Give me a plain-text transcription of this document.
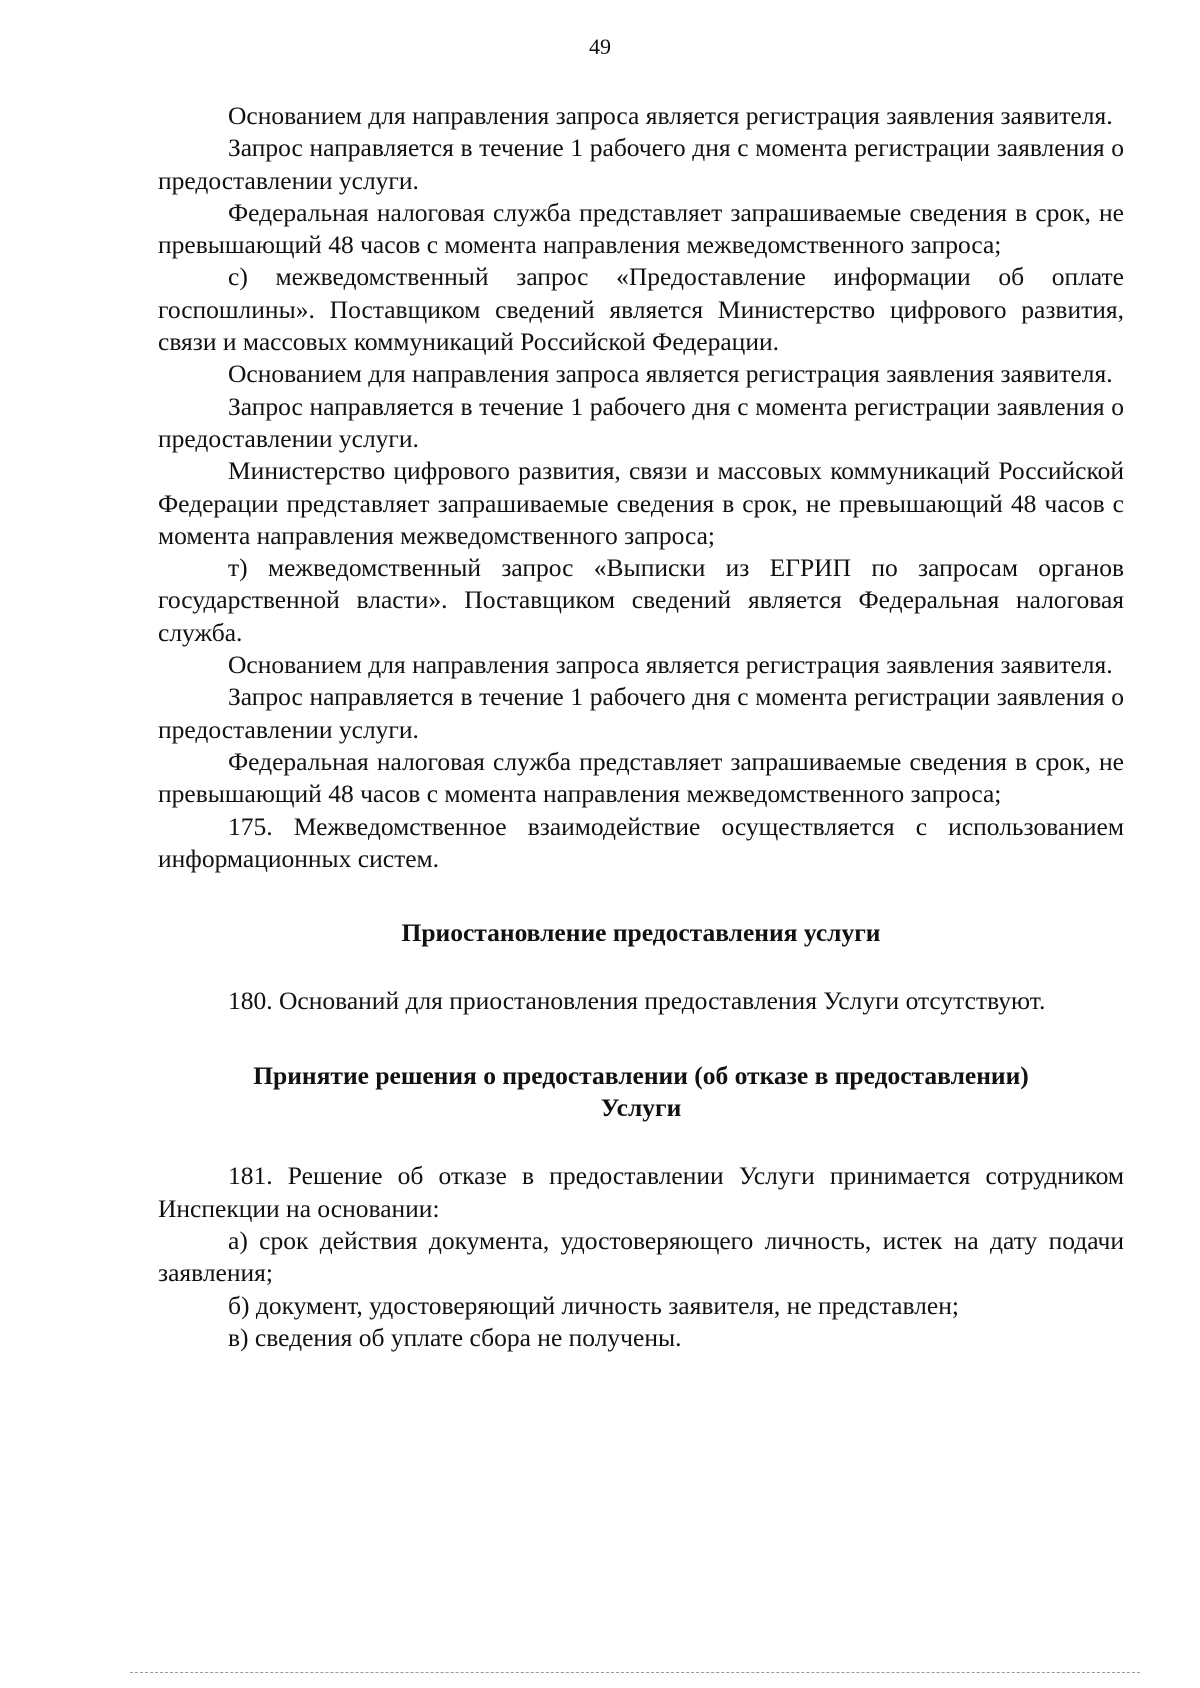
49

Основанием для направления запроса является регистрация заявления заявителя.

Запрос направляется в течение 1 рабочего дня с момента регистрации заявления о предоставлении услуги.

Федеральная налоговая служба представляет запрашиваемые сведения в срок, не превышающий 48 часов с момента направления межведомственного запроса;

с) межведомственный запрос «Предоставление информации об оплате госпошлины». Поставщиком сведений является Министерство цифрового развития, связи и массовых коммуникаций Российской Федерации.

Основанием для направления запроса является регистрация заявления заявителя.

Запрос направляется в течение 1 рабочего дня с момента регистрации заявления о предоставлении услуги.

Министерство цифрового развития, связи и массовых коммуникаций Российской Федерации представляет запрашиваемые сведения в срок, не превышающий 48 часов с момента направления межведомственного запроса;

т) межведомственный запрос «Выписки из ЕГРИП по запросам органов государственной власти». Поставщиком сведений является Федеральная налоговая служба.

Основанием для направления запроса является регистрация заявления заявителя.

Запрос направляется в течение 1 рабочего дня с момента регистрации заявления о предоставлении услуги.

Федеральная налоговая служба представляет запрашиваемые сведения в срок, не превышающий 48 часов с момента направления межведомственного запроса;

175. Межведомственное взаимодействие осуществляется с использованием информационных систем.

Приостановление предоставления услуги

180. Оснований для приостановления предоставления Услуги отсутствуют.

Принятие решения о предоставлении (об отказе в предоставлении)
Услуги

181. Решение об отказе в предоставлении Услуги принимается сотрудником Инспекции на основании:

а) срок действия документа, удостоверяющего личность, истек на дату подачи заявления;

б) документ, удостоверяющий личность заявителя, не представлен;

в) сведения об уплате сбора не получены.
